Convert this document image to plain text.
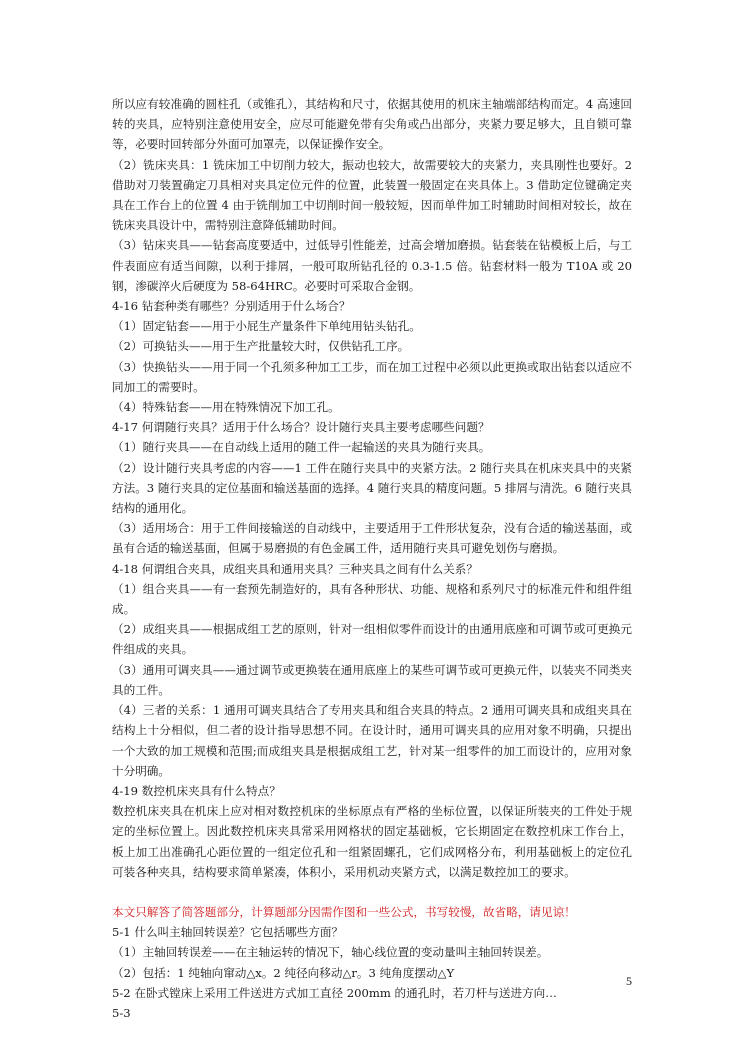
所以应有较准确的圆柱孔（或锥孔），其结构和尺寸，依据其使用的机床主轴端部结构而定。4 高速回转的夹具，应特别注意使用安全，应尽可能避免带有尖角或凸出部分，夹紧力要足够大，且自锁可靠等，必要时回转部分外面可加罩壳，以保证操作安全。

（2）铣床夹具：1 铣床加工中切削力较大，振动也较大，故需要较大的夹紧力，夹具刚性也要好。2 借助对刀装置确定刀具相对夹具定位元件的位置，此装置一般固定在夹具体上。3 借助定位键确定夹具在工作台上的位置 4 由于铣削加工中切削时间一般较短，因而单件加工时辅助时间相对较长，故在铣床夹具设计中，需特别注意降低辅助时间。

（3）钻床夹具——钻套高度要适中，过低导引性能差，过高会增加磨损。钻套装在钻模板上后，与工件表面应有适当间隙，以利于排屑，一般可取所钻孔径的 0.3-1.5 倍。钻套材料一般为 T10A 或 20 钢，渗碳淬火后硬度为 58-64HRC。必要时可采取合金钢。

4-16 钻套种类有哪些？分别适用于什么场合？

（1）固定钻套——用于小屁生产量条件下单纯用钻头钻孔。

（2）可换钻头——用于生产批量较大时，仅供钻孔工序。

（3）快换钻头——用于同一个孔须多种加工工步，而在加工过程中必须以此更换或取出钻套以适应不同加工的需要时。

（4）特殊钻套——用在特殊情况下加工孔。

4-17 何谓随行夹具？适用于什么场合？设计随行夹具主要考虑哪些问题？

（1）随行夹具——在自动线上适用的随工件一起输送的夹具为随行夹具。

（2）设计随行夹具考虑的内容——1 工件在随行夹具中的夹紧方法。2 随行夹具在机床夹具中的夹紧方法。3 随行夹具的定位基面和输送基面的选择。4 随行夹具的精度问题。5 排屑与清洗。6 随行夹具结构的通用化。

（3）适用场合：用于工件间接输送的自动线中，主要适用于工件形状复杂，没有合适的输送基面，或虽有合适的输送基面，但属于易磨损的有色金属工件，适用随行夹具可避免划伤与磨损。

4-18 何谓组合夹具，成组夹具和通用夹具？三种夹具之间有什么关系？

（1）组合夹具——有一套预先制造好的，具有各种形状、功能、规格和系列尺寸的标准元件和组件组成。

（2）成组夹具——根据成组工艺的原则，针对一组相似零件而设计的由通用底座和可调节或可更换元件组成的夹具。

（3）通用可调夹具——通过调节或更换装在通用底座上的某些可调节或可更换元件，以装夹不同类夹具的工件。

（4）三者的关系：1 通用可调夹具结合了专用夹具和组合夹具的特点。2 通用可调夹具和成组夹具在结构上十分相似，但二者的设计指导思想不同。在设计时，通用可调夹具的应用对象不明确，只提出一个大致的加工规模和范围;而成组夹具是根据成组工艺，针对某一组零件的加工而设计的，应用对象十分明确。

4-19 数控机床夹具有什么特点？

数控机床夹具在机床上应对相对数控机床的坐标原点有严格的坐标位置，以保证所装夹的工件处于规定的坐标位置上。因此数控机床夹具常采用网格状的固定基础板，它长期固定在数控机床工作台上，板上加工出准确孔心距位置的一组定位孔和一组紧固螺孔，它们成网格分布，利用基础板上的定位孔可装各种夹具，结构要求简单紧凑，体积小，采用机动夹紧方式，以满足数控加工的要求。

本文只解答了简答题部分，计算题部分因需作图和一些公式，书写较慢，故省略，请见谅！

5-1 什么叫主轴回转误差？它包括哪些方面？

（1）主轴回转误差——在主轴运转的情况下，轴心线位置的变动量叫主轴回转误差。

（2）包括：1 纯轴向窜动△x。2 纯径向移动△r。3 纯角度摆动△Y

5-2 在卧式镗床上采用工件送进方式加工直径 200mm 的通孔时，若刀杆与送进方向…

5-3

5
